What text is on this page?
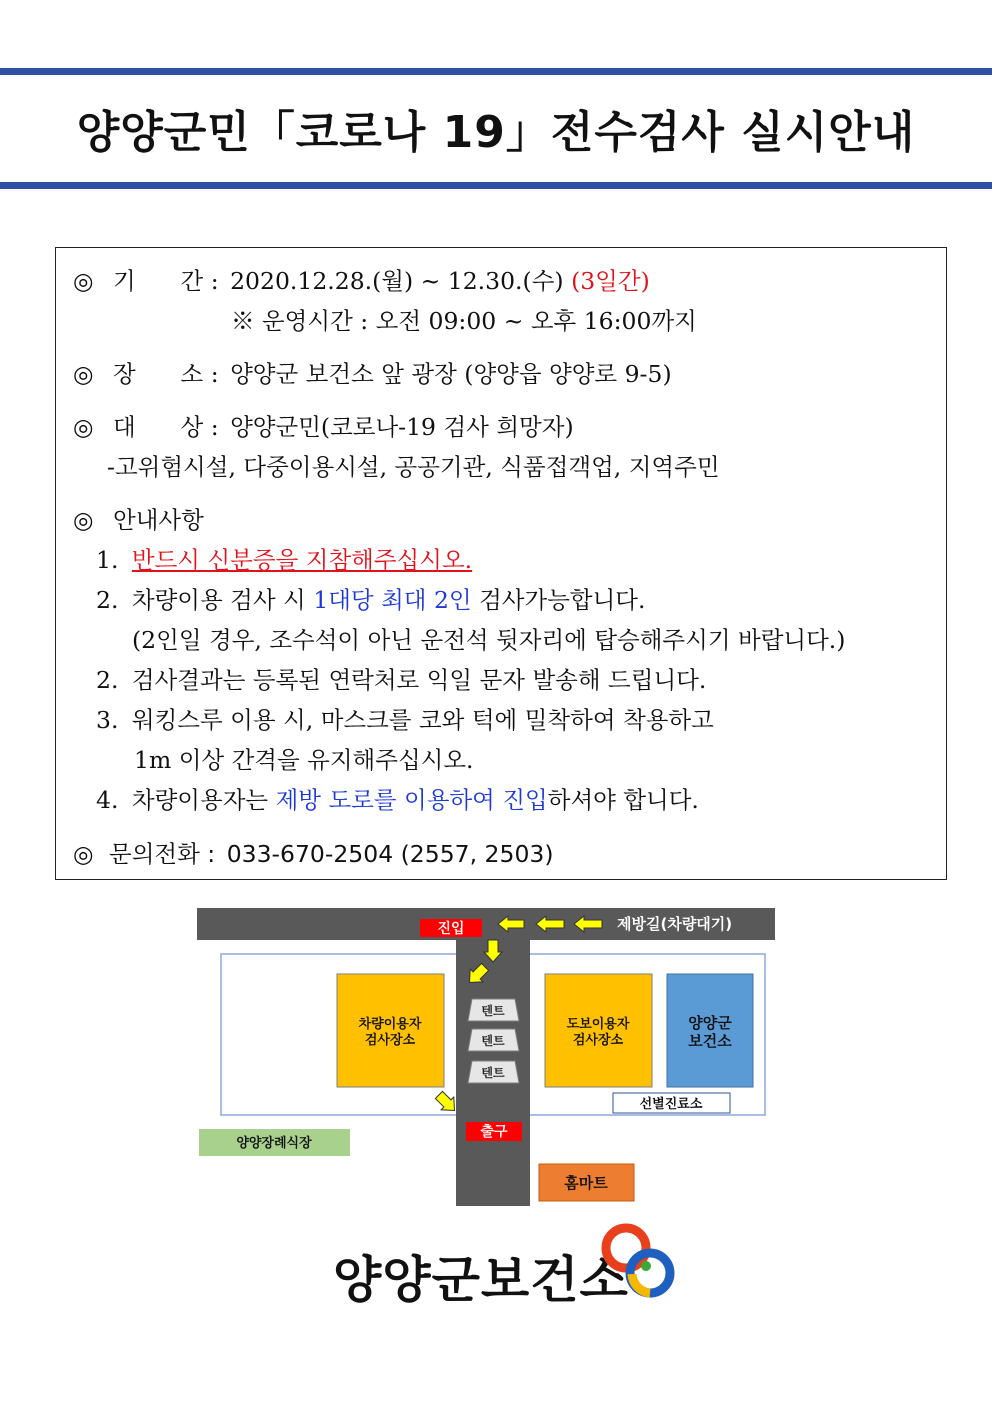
양양군민「코로나 19」전수검사 실시안내
◎ 기      간 : 2020.12.28.(월) ~ 12.30.(수) (3일간)
※ 운영시간 : 오전 09:00 ~ 오후 16:00까지
◎ 장      소 : 양양군 보건소 앞 광장 (양양읍 양양로 9-5)
◎ 대      상 : 양양군민(코로나-19 검사 희망자)
-고위험시설, 다중이용시설, 공공기관, 식품접객업, 지역주민
◎ 안내사항
1. 반드시 신분증을 지참해주십시오.
2. 차량이용 검사 시 1대당 최대 2인 검사가능합니다.
(2인일 경우, 조수석이 아닌 운전석 뒷자리에 탑승해주시기 바랍니다.)
2. 검사결과는 등록된 연락처로 익일 문자 발송해 드립니다.
3. 워킹스루 이용 시, 마스크를 코와 턱에 밀착하여 착용하고
1m 이상 간격을 유지해주십시오.
4. 차량이용자는 제방 도로를 이용하여 진입하셔야 합니다.
◎ 문의전화 : 033-670-2504 (2557, 2503)
제방길(차량대기)
진입
차량이용자
검사장소
텐트
텐트
텐트
도보이용자
검사장소
양양군
보건소
선별진료소
출구
양양장례식장
홈마트
양양군보건소
